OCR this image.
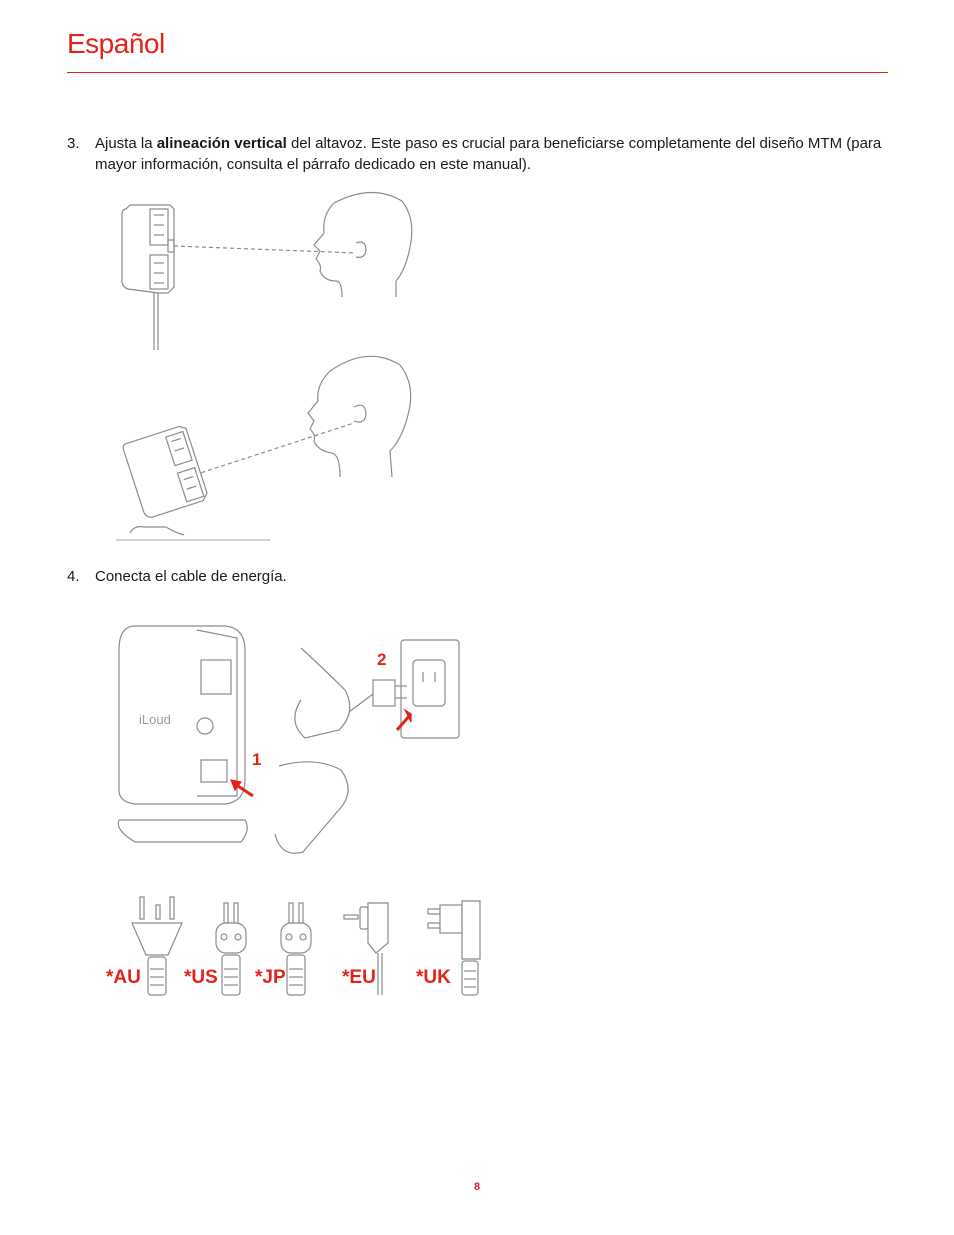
Español
3.	Ajusta la alineación vertical del altavoz. Este paso es crucial para beneficiarse completamente del diseño MTM (para mayor información, consulta el párrafo dedicado en este manual).
4.	Conecta el cable de energía.
iLoud
1
2
*AU *US *JP	*EU *UK
8
